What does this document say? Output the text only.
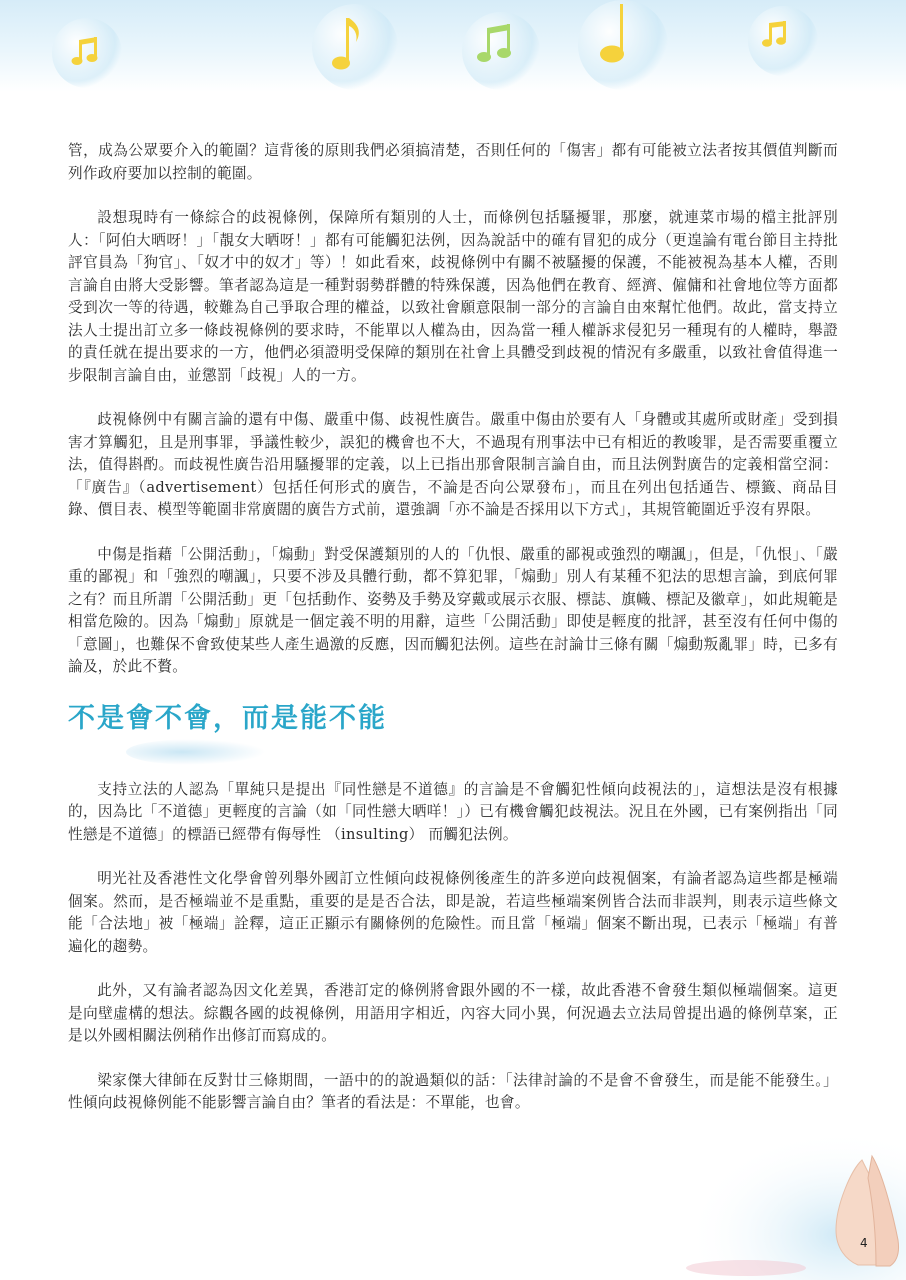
管，成為公眾要介入的範圍？這背後的原則我們必須搞清楚，否則任何的「傷害」都有可能被立法者按其價值判斷而列作政府要加以控制的範圍。

設想現時有一條綜合的歧視條例，保障所有類別的人士，而條例包括騷擾罪，那麼，就連菜市場的檔主批評別人：「阿伯大晒呀！」「靚女大晒呀！」都有可能觸犯法例，因為說話中的確有冒犯的成分（更遑論有電台節目主持批評官員為「狗官」、「奴才中的奴才」等）！如此看來，歧視條例中有關不被騷擾的保護，不能被視為基本人權，否則言論自由將大受影響。筆者認為這是一種對弱勢群體的特殊保護，因為他們在教育、經濟、僱傭和社會地位等方面都受到次一等的待遇，較難為自己爭取合理的權益，以致社會願意限制一部分的言論自由來幫忙他們。故此，當支持立法人士提出訂立多一條歧視條例的要求時，不能單以人權為由，因為當一種人權訴求侵犯另一種現有的人權時，舉證的責任就在提出要求的一方，他們必須證明受保障的類別在社會上具體受到歧視的情況有多嚴重，以致社會值得進一步限制言論自由，並懲罰「歧視」人的一方。

歧視條例中有關言論的還有中傷、嚴重中傷、歧視性廣告。嚴重中傷由於要有人「身體或其處所或財產」受到損害才算觸犯，且是刑事罪，爭議性較少，誤犯的機會也不大，不過現有刑事法中已有相近的教唆罪，是否需要重覆立法，值得斟酌。而歧視性廣告沿用騷擾罪的定義，以上已指出那會限制言論自由，而且法例對廣告的定義相當空洞：「『廣告』（advertisement）包括任何形式的廣告，不論是否向公眾發布」，而且在列出包括通告、標籤、商品目錄、價目表、模型等範圍非常廣闊的廣告方式前，還強調「亦不論是否採用以下方式」，其規管範圍近乎沒有界限。

中傷是指藉「公開活動」，「煽動」對受保護類別的人的「仇恨、嚴重的鄙視或強烈的嘲諷」，但是，「仇恨」、「嚴重的鄙視」和「強烈的嘲諷」，只要不涉及具體行動，都不算犯罪，「煽動」別人有某種不犯法的思想言論，到底何罪之有？而且所謂「公開活動」更「包括動作、姿勢及手勢及穿戴或展示衣服、標誌、旗幟、標記及徽章」，如此規範是相當危險的。因為「煽動」原就是一個定義不明的用辭，這些「公開活動」即使是輕度的批評，甚至沒有任何中傷的「意圖」，也難保不會致使某些人產生過激的反應，因而觸犯法例。這些在討論廿三條有關「煽動叛亂罪」時，已多有論及，於此不贅。

不是會不會，而是能不能

支持立法的人認為「單純只是提出『同性戀是不道德』的言論是不會觸犯性傾向歧視法的」，這想法是沒有根據的，因為比「不道德」更輕度的言論（如「同性戀大晒咩！」）已有機會觸犯歧視法。況且在外國，已有案例指出「同性戀是不道德」的標語已經帶有侮辱性 （insulting） 而觸犯法例。

明光社及香港性文化學會曾列舉外國訂立性傾向歧視條例後產生的許多逆向歧視個案，有論者認為這些都是極端個案。然而，是否極端並不是重點，重要的是是否合法，即是說，若這些極端案例皆合法而非誤判，則表示這些條文能「合法地」被「極端」詮釋，這正正顯示有關條例的危險性。而且當「極端」個案不斷出現，已表示「極端」有普遍化的趨勢。

此外，又有論者認為因文化差異，香港訂定的條例將會跟外國的不一樣，故此香港不會發生類似極端個案。這更是向壁虛構的想法。綜觀各國的歧視條例，用語用字相近，內容大同小異，何況過去立法局曾提出過的條例草案，正是以外國相關法例稍作出修訂而寫成的。

梁家傑大律師在反對廿三條期間，一語中的的說過類似的話：「法律討論的不是會不會發生，而是能不能發生。」性傾向歧視條例能不能影響言論自由？筆者的看法是：不單能，也會。

4
